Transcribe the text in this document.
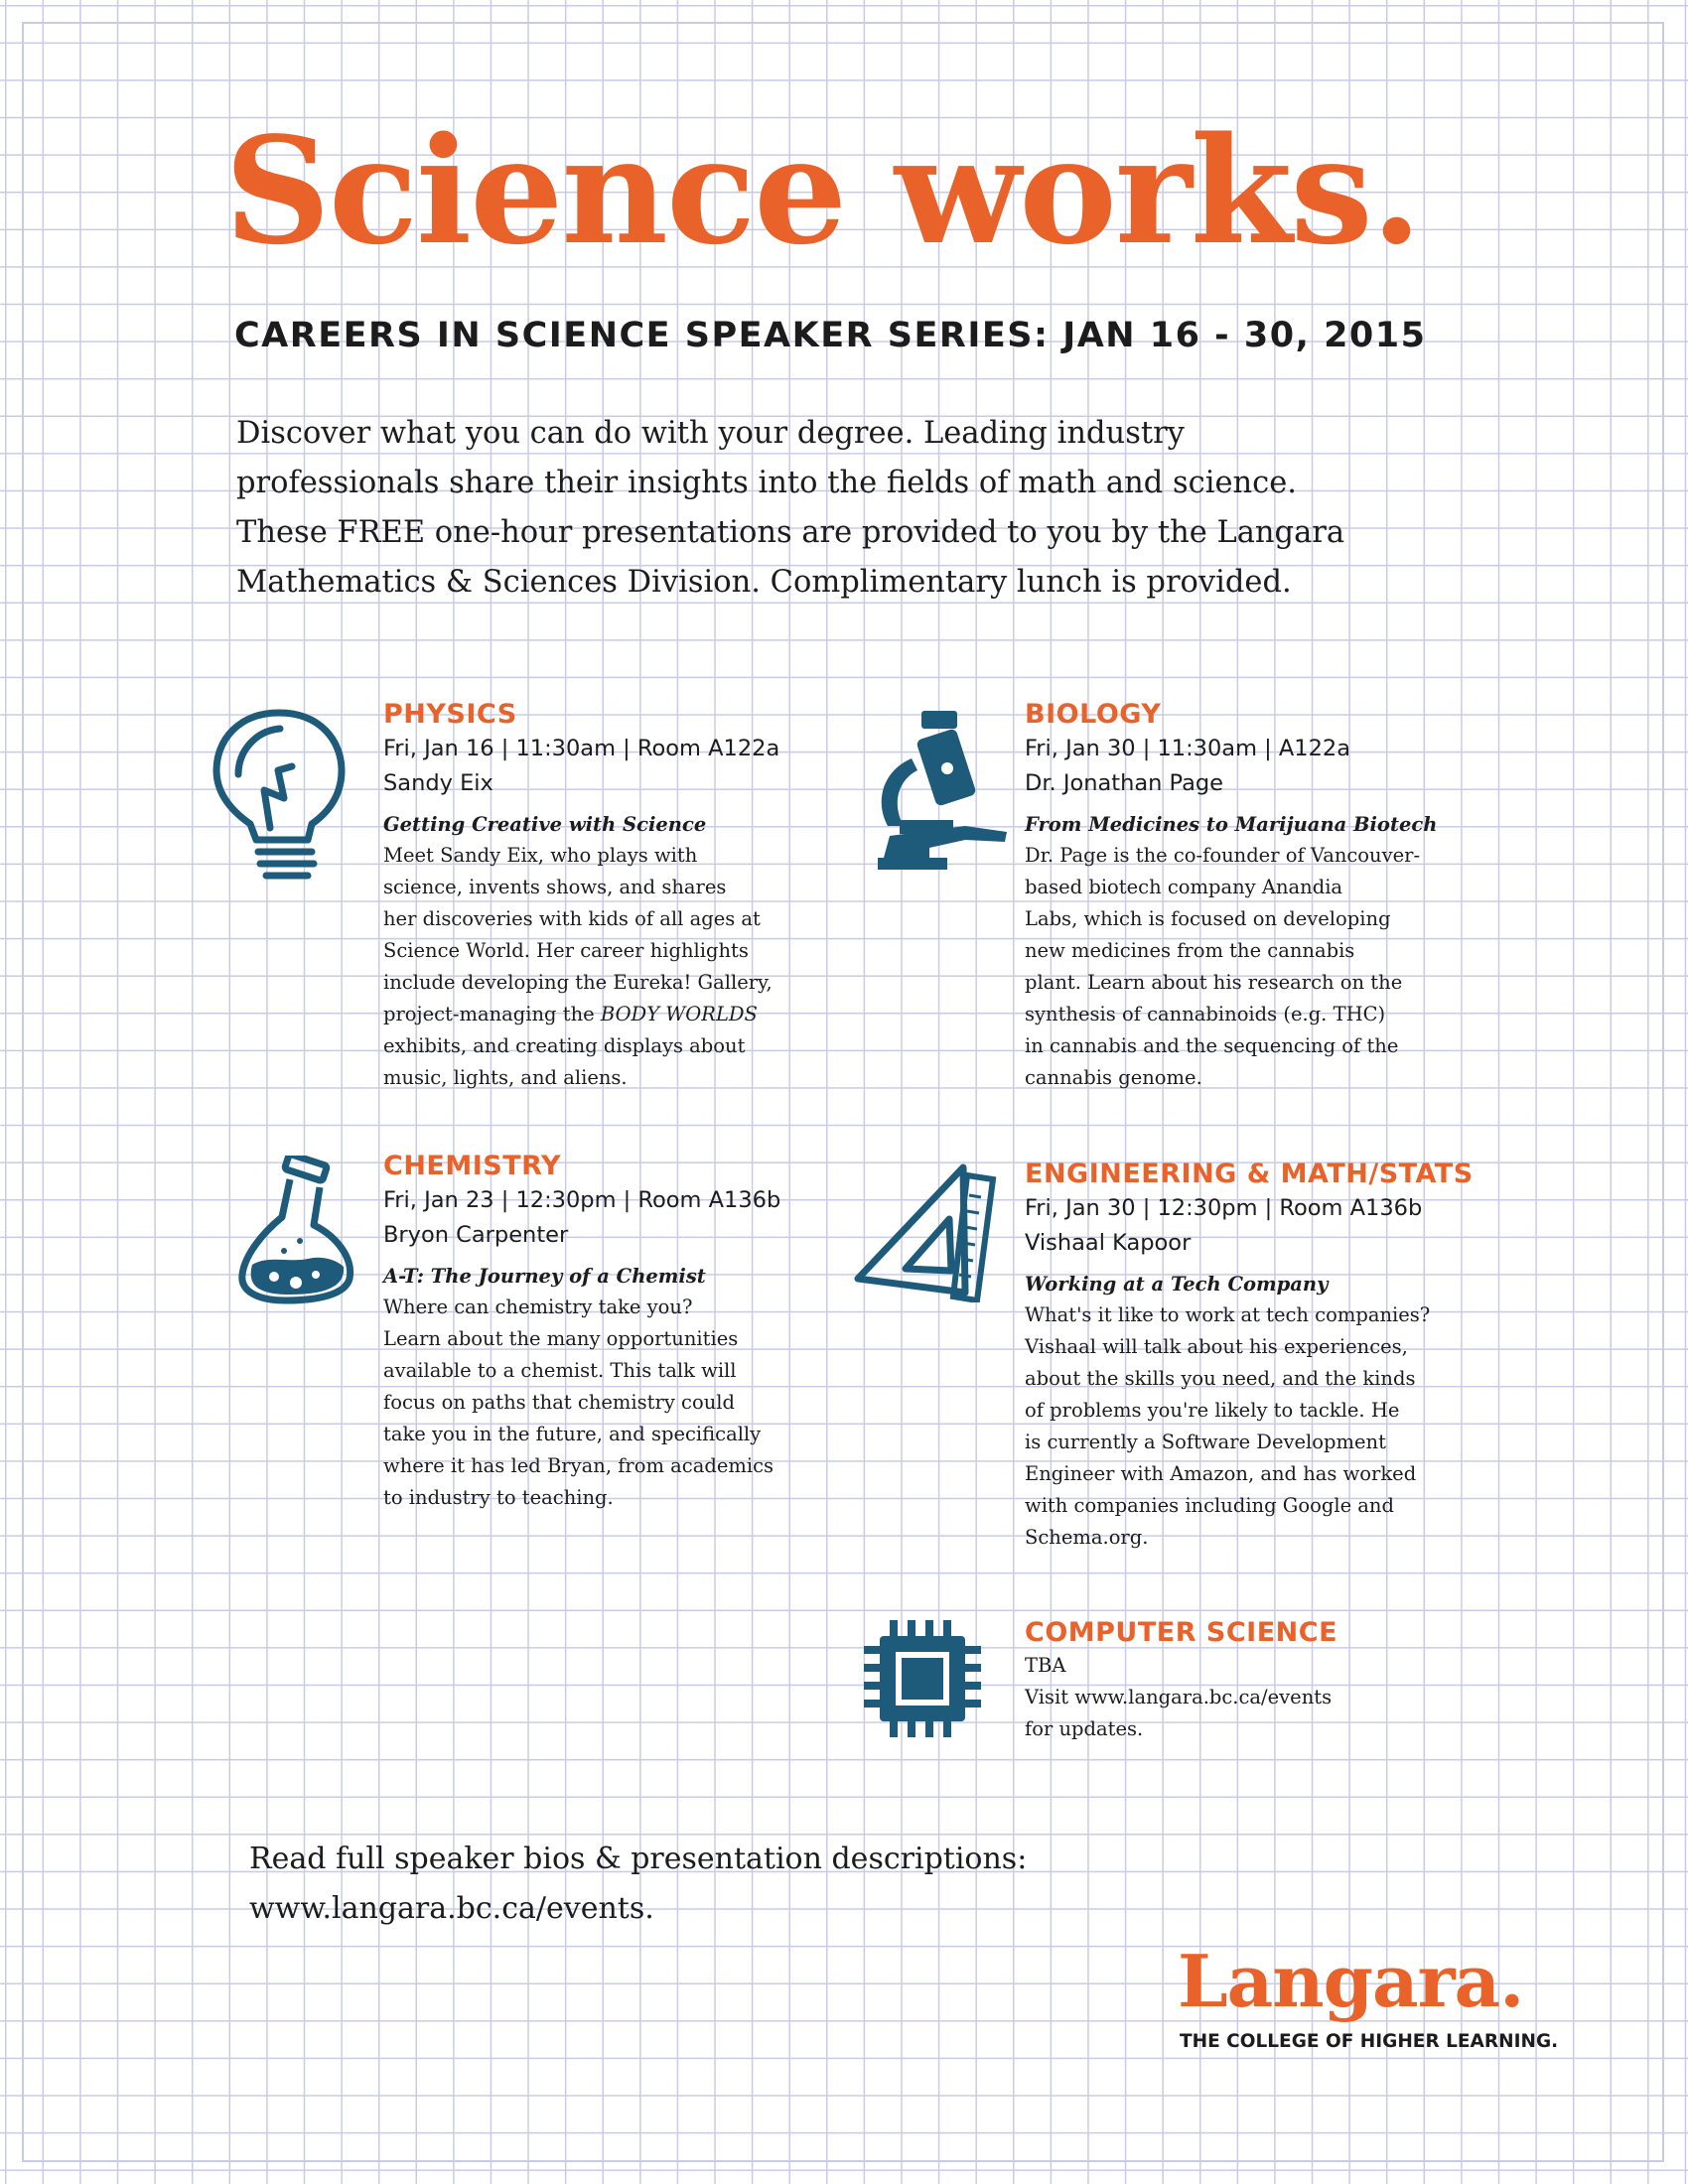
Science works.
CAREERS IN SCIENCE SPEAKER SERIES: JAN 16 - 30, 2015
Discover what you can do with your degree. Leading industry
professionals share their insights into the fields of math and science.
These FREE one-hour presentations are provided to you by the Langara
Mathematics & Sciences Division. Complimentary lunch is provided.
PHYSICS
Fri, Jan 16 | 11:30am | Room A122a
Sandy Eix
Getting Creative with Science
Meet Sandy Eix, who plays with
science, invents shows, and shares
her discoveries with kids of all ages at
Science World. Her career highlights
include developing the Eureka! Gallery,
project-managing the BODY WORLDS
exhibits, and creating displays about
music, lights, and aliens.
BIOLOGY
Fri, Jan 30 | 11:30am | A122a
Dr. Jonathan Page
From Medicines to Marijuana Biotech
Dr. Page is the co-founder of Vancouver-
based biotech company Anandia
Labs, which is focused on developing
new medicines from the cannabis
plant. Learn about his research on the
synthesis of cannabinoids (e.g. THC)
in cannabis and the sequencing of the
cannabis genome.
CHEMISTRY
Fri, Jan 23 | 12:30pm | Room A136b
Bryon Carpenter
A-T: The Journey of a Chemist
Where can chemistry take you?
Learn about the many opportunities
available to a chemist. This talk will
focus on paths that chemistry could
take you in the future, and specifically
where it has led Bryan, from academics
to industry to teaching.
ENGINEERING & MATH/STATS
Fri, Jan 30 | 12:30pm | Room A136b
Vishaal Kapoor
Working at a Tech Company
What's it like to work at tech companies?
Vishaal will talk about his experiences,
about the skills you need, and the kinds
of problems you're likely to tackle. He
is currently a Software Development
Engineer with Amazon, and has worked
with companies including Google and
Schema.org.
COMPUTER SCIENCE
TBA
Visit www.langara.bc.ca/events
for updates.
Read full speaker bios & presentation descriptions:
www.langara.bc.ca/events.
Langara.
THE COLLEGE OF HIGHER LEARNING.
